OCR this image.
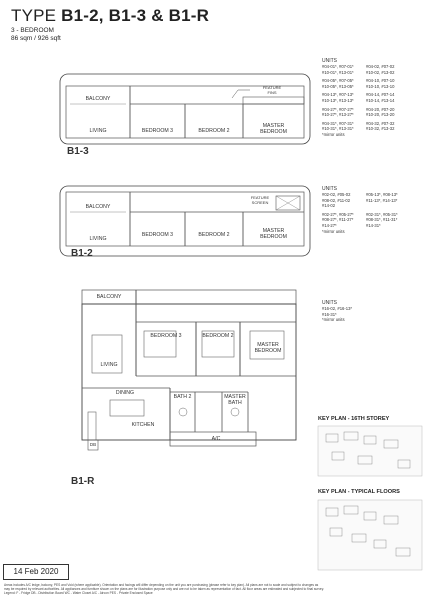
TYPE B1-2, B1-3 & B1-R
3 - BEDROOM
86 sqm / 926 sqft
BALCONY
LIVING	BEDROOM 3	BEDROOM 2
MASTER
BEDROOM
FEATURE
FINS
B1-3
UNITS
#04-01*, #07-01*	#04-02, #07-02
#10-01*, #13-01*	#10-02, #13-02
#04-05*, #07-05*	#04-10, #07-10
#10-05*, #13-05*	#10-10, #13-10
#04-13*, #07-13*	#04-14, #07-14
#10-13*, #13-13*	#10-14, #13-14
#04-27*, #07-27*	#04-20, #07-20
#10-27*, #13-27*	#10-20, #13-20
#04-31*, #07-31*	#04-32, #07-32
#10-31*, #13-31*	#10-32, #13-32
*mirror units
BALCONY
LIVING
BEDROOM 3	BEDROOM 2
MASTER
BEDROOM
FEATURE
SCREEN
B1-2
UNITS
#02-02, #05-02	#05-13*, #08-13*
#08-02, #11-02	#11-13*, #14-13*
#14-02
#02-27*, #05-27*	#02-31*, #05-31*
#08-27*, #11-27*	#08-31*, #11-31*
#14-27*	#14-31*
*mirror units
BALCONY
LIVING
BEDROOM 3	BEDROOM 2
MASTER
BEDROOM
DINING
BATH 2	MASTER
BATH
KITCHEN
DB
A/C
B1-R
UNITS
#16-02, #16-13*
#16-31*
*mirror units
KEY PLAN - 16TH STOREY
KEY PLAN - TYPICAL FLOORS
14 Feb 2020
Areas includes A/C ledge, balcony, PES and Void (where applicable). Orientation and facings will differ depending on the unit you are purchasing (please refer to key plan). All plans are not to scale and subject to changes as
may be required by relevant authorities. All appliances and furniture shown on the plans are for illustration purpose only and are not to be taken as representation of fact. All floor areas are estimated and subjected to final survey.
Legend: F - Fridge DB - Distribution Board WC - Water Closet A/C - Aircon PES - Private Enclosed Space
